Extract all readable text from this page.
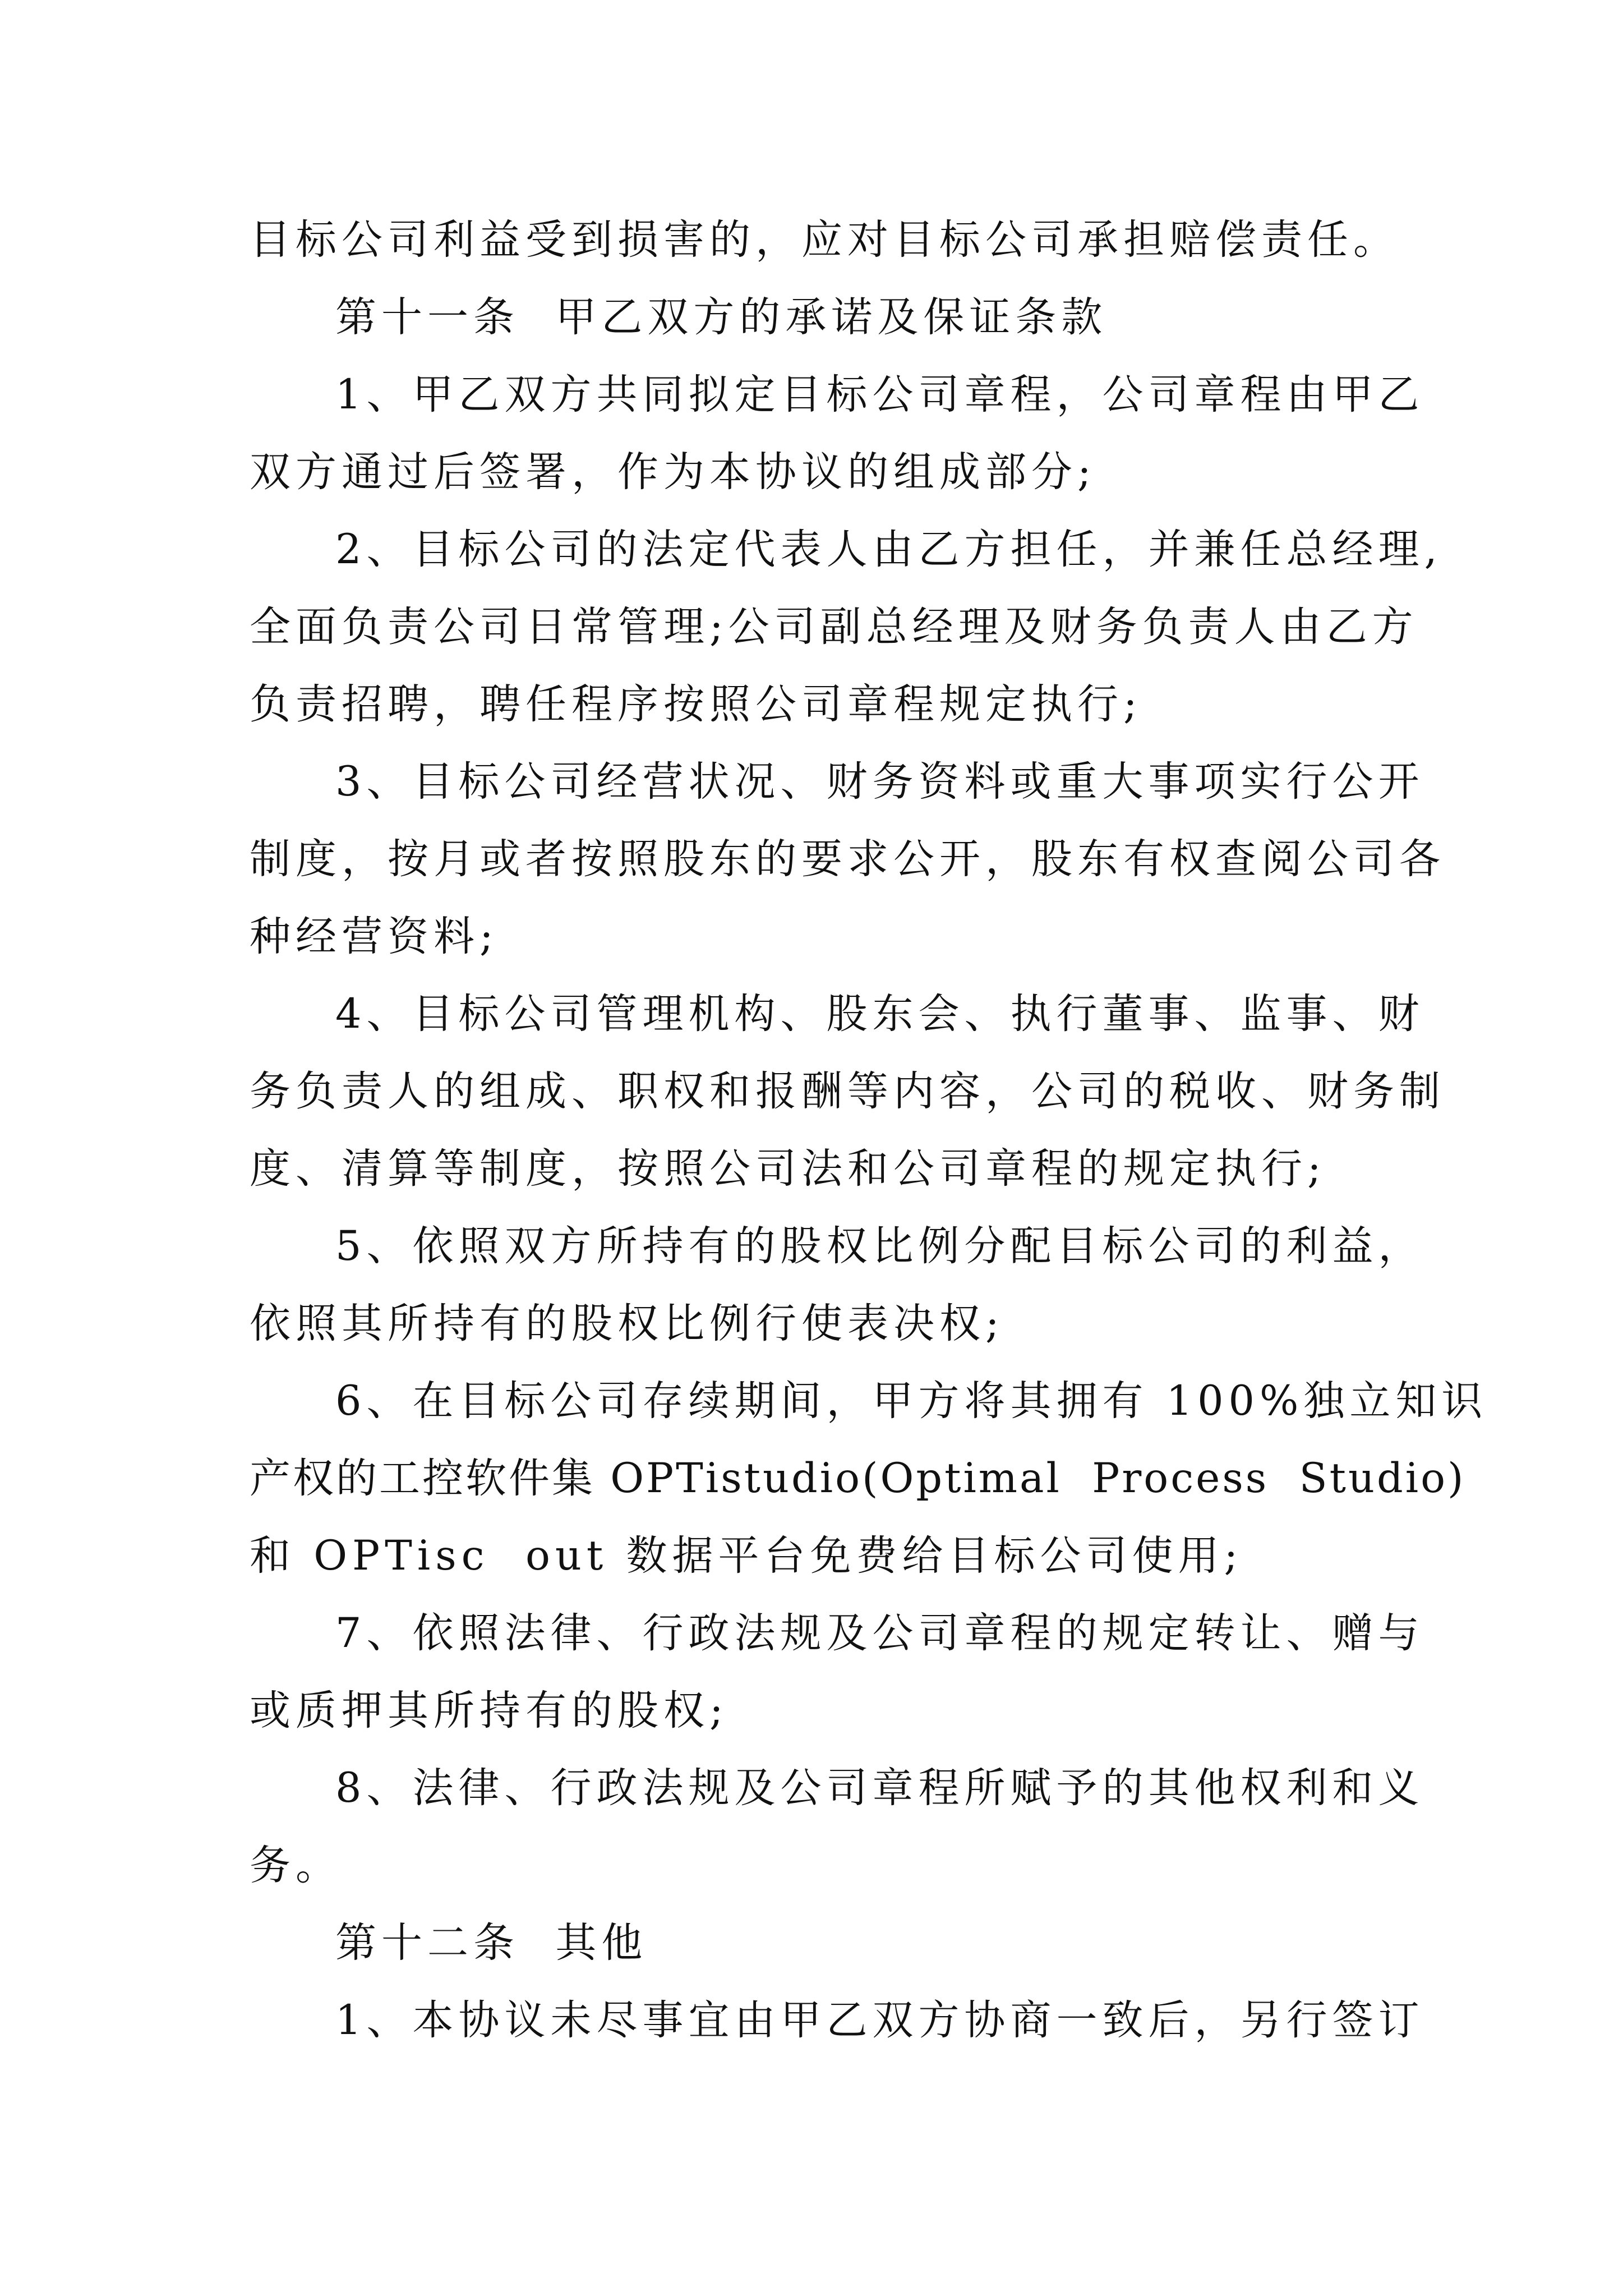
目标公司利益受到损害的，应对目标公司承担赔偿责任。
第十一条  甲乙双方的承诺及保证条款
1、甲乙双方共同拟定目标公司章程，公司章程由甲乙
双方通过后签署，作为本协议的组成部分;
2、目标公司的法定代表人由乙方担任，并兼任总经理,
全面负责公司日常管理;公司副总经理及财务负责人由乙方
负责招聘，聘任程序按照公司章程规定执行;
3、目标公司经营状况、财务资料或重大事项实行公开
制度，按月或者按照股东的要求公开，股东有权查阅公司各
种经营资料;
4、目标公司管理机构、股东会、执行董事、监事、财
务负责人的组成、职权和报酬等内容，公司的税收、财务制
度、清算等制度，按照公司法和公司章程的规定执行;
5、依照双方所持有的股权比例分配目标公司的利益，
依照其所持有的股权比例行使表决权;
6、在目标公司存续期间，甲方将其拥有 100%独立知识
产权的工控软件集 OPTistudio(Optimal  Process  Studio)
和 OPTisc  out 数据平台免费给目标公司使用;
7、依照法律、行政法规及公司章程的规定转让、赠与
或质押其所持有的股权;
8、法律、行政法规及公司章程所赋予的其他权利和义
务。
第十二条  其他
1、本协议未尽事宜由甲乙双方协商一致后，另行签订
